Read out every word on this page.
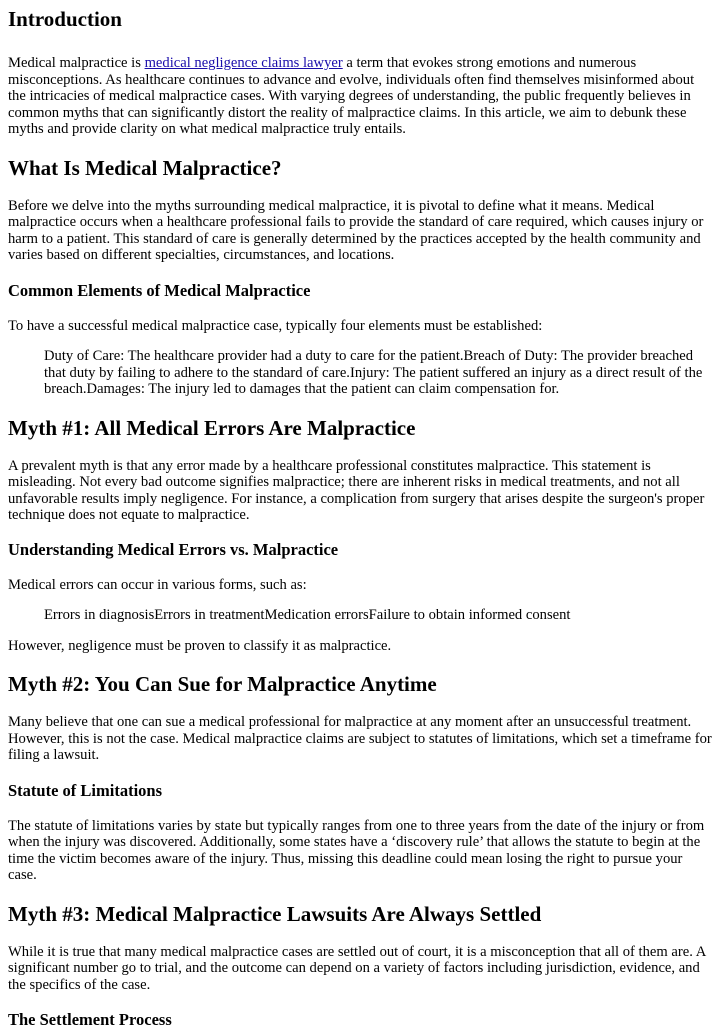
Introduction

Medical malpractice is medical negligence claims lawyer a term that evokes strong emotions and numerous misconceptions. As healthcare continues to advance and evolve, individuals often find themselves misinformed about the intricacies of medical malpractice cases. With varying degrees of understanding, the public frequently believes in common myths that can significantly distort the reality of malpractice claims. In this article, we aim to debunk these myths and provide clarity on what medical malpractice truly entails.

What Is Medical Malpractice?

Before we delve into the myths surrounding medical malpractice, it is pivotal to define what it means. Medical malpractice occurs when a healthcare professional fails to provide the standard of care required, which causes injury or harm to a patient. This standard of care is generally determined by the practices accepted by the health community and varies based on different specialties, circumstances, and locations.

Common Elements of Medical Malpractice

To have a successful medical malpractice case, typically four elements must be established:

Duty of Care: The healthcare provider had a duty to care for the patient.Breach of Duty: The provider breached that duty by failing to adhere to the standard of care.Injury: The patient suffered an injury as a direct result of the breach.Damages: The injury led to damages that the patient can claim compensation for.
Myth #1: All Medical Errors Are Malpractice

A prevalent myth is that any error made by a healthcare professional constitutes malpractice. This statement is misleading. Not every bad outcome signifies malpractice; there are inherent risks in medical treatments, and not all unfavorable results imply negligence. For instance, a complication from surgery that arises despite the surgeon's proper technique does not equate to malpractice.

Understanding Medical Errors vs. Malpractice

Medical errors can occur in various forms, such as:

Errors in diagnosisErrors in treatmentMedication errorsFailure to obtain informed consent

However, negligence must be proven to classify it as malpractice.

Myth #2: You Can Sue for Malpractice Anytime

Many believe that one can sue a medical professional for malpractice at any moment after an unsuccessful treatment. However, this is not the case. Medical malpractice claims are subject to statutes of limitations, which set a timeframe for filing a lawsuit.

Statute of Limitations

The statute of limitations varies by state but typically ranges from one to three years from the date of the injury or from when the injury was discovered. Additionally, some states have a ‘discovery rule’ that allows the statute to begin at the time the victim becomes aware of the injury. Thus, missing this deadline could mean losing the right to pursue your case.

Myth #3: Medical Malpractice Lawsuits Are Always Settled

While it is true that many medical malpractice cases are settled out of court, it is a misconception that all of them are. A significant number go to trial, and the outcome can depend on a variety of factors including jurisdiction, evidence, and the specifics of the case.

The Settlement Process
